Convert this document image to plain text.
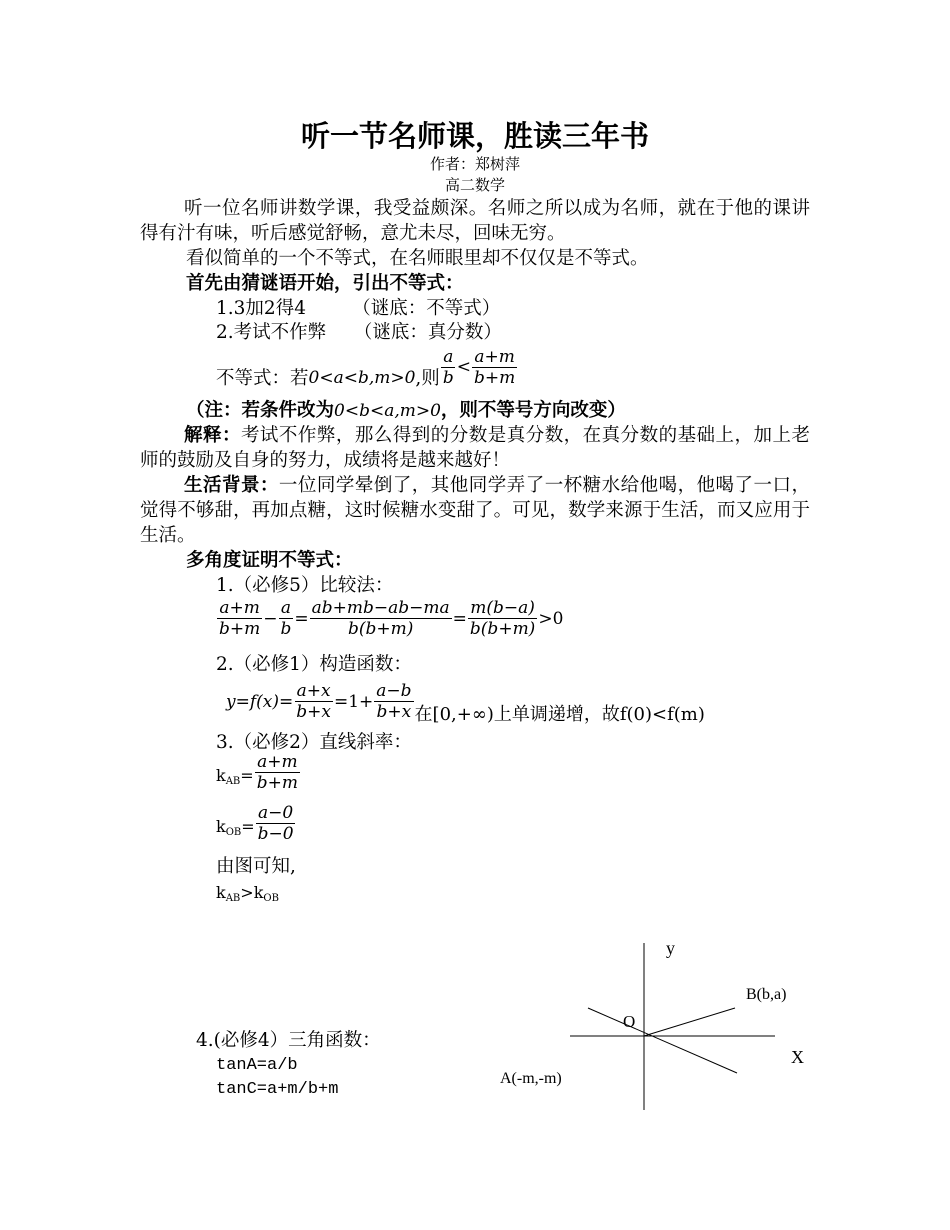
听一节名师课，胜读三年书
作者：郑树萍
高二数学
听一位名师讲数学课，我受益颇深。名师之所以成为名师，就在于他的课讲得有汁有味，听后感觉舒畅，意尤未尽，回味无穷。
看似简单的一个不等式，在名师眼里却不仅仅是不等式。
首先由猜谜语开始，引出不等式：
1.3加2得4　　　（谜底：不等式）
2.考试不作弊　　（谜底：真分数）
不等式：若 0<a<b,m>0 ,则 $\frac{a}{b} < \frac{a+m}{b+m}$
（注：若条件改为0<b<a,m>0，则不等号方向改变）
解释：考试不作弊，那么得到的分数是真分数，在真分数的基础上，加上老师的鼓励及自身的努力，成绩将是越来越好！
生活背景：一位同学晕倒了，其他同学弄了一杯糖水给他喝，他喝了一口，觉得不够甜，再加点糖，这时候糖水变甜了。可见，数学来源于生活，而又应用于生活。
多角度证明不等式：
1.（必修5）比较法：
$\frac{a+m}{b+m} - \frac{a}{b} = \frac{ab+mb-ab-ma}{b(b+m)} = \frac{m(b-a)}{b(b+m)} >0$
2.（必修1）构造函数：
$y=f(x)= \frac{a+x}{b+x} =1+ \frac{a-b}{b+x}$ 在[0,+∞)上单调递增，故f(0)<f(m)
3.（必修2）直线斜率：
$k_{AB}= \frac{a+m}{b+m}$
$k_{OB}= \frac{a-0}{b-0}$
由图可知,
$k_{AB}>k_{OB}$
4.(必修4）三角函数：
tanA=a/b
tanC=a+m/b+m
y
X
O
B(b,a)
A(-m,-m)
